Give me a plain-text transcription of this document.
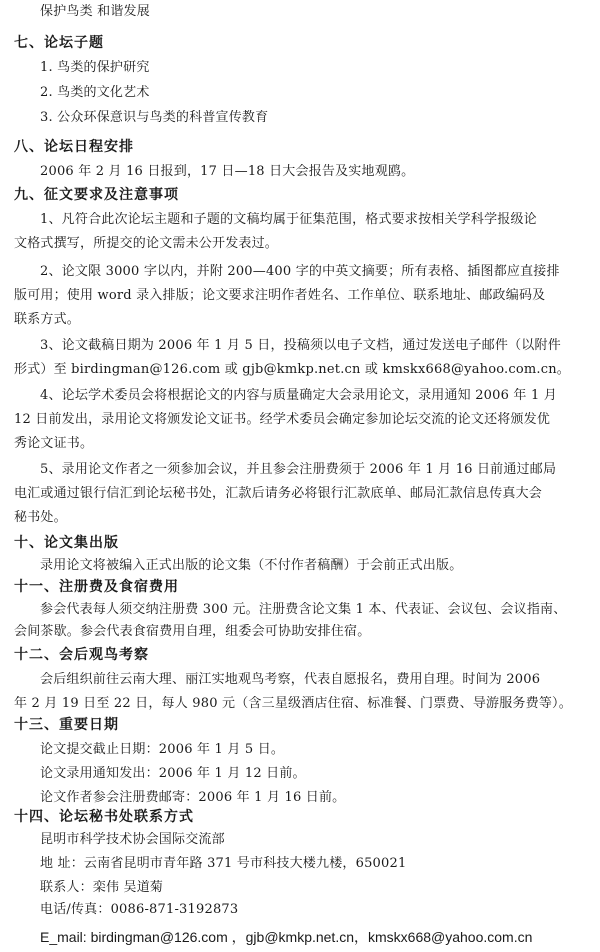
保护鸟类 和谐发展
七、论坛子题
1. 鸟类的保护研究
2. 鸟类的文化艺术
3. 公众环保意识与鸟类的科普宣传教育
八、论坛日程安排
2006 年 2 月 16 日报到，17 日—18 日大会报告及实地观鸥。
九、征文要求及注意事项
1、凡符合此次论坛主题和子题的文稿均属于征集范围，格式要求按相关学科学报级论
文格式撰写，所提交的论文需未公开发表过。
2、论文限 3000 字以内，并附 200—400 字的中英文摘要；所有表格、插图都应直接排
版可用；使用 word 录入排版；论文要求注明作者姓名、工作单位、联系地址、邮政编码及
联系方式。
3、论文截稿日期为 2006 年 1 月 5 日，投稿须以电子文档，通过发送电子邮件（以附件
形式）至 birdingman@126.com 或 gjb@kmkp.net.cn 或 kmskx668@yahoo.com.cn。
4、论坛学术委员会将根据论文的内容与质量确定大会录用论文，录用通知 2006 年 1 月
12 日前发出，录用论文将颁发论文证书。经学术委员会确定参加论坛交流的论文还将颁发优
秀论文证书。
5、录用论文作者之一须参加会议，并且参会注册费须于 2006 年 1 月 16 日前通过邮局
电汇或通过银行信汇到论坛秘书处，汇款后请务必将银行汇款底单、邮局汇款信息传真大会
秘书处。
十、论文集出版
录用论文将被编入正式出版的论文集（不付作者稿酬）于会前正式出版。
十一、注册费及食宿费用
参会代表每人须交纳注册费 300 元。注册费含论文集 1 本、代表证、会议包、会议指南、
会间茶歇。参会代表食宿费用自理，组委会可协助安排住宿。
十二、会后观鸟考察
会后组织前往云南大理、丽江实地观鸟考察，代表自愿报名，费用自理。时间为 2006
年 2 月 19 日至 22 日，每人 980 元（含三星级酒店住宿、标准餐、门票费、导游服务费等）。
十三、重要日期
论文提交截止日期：2006 年 1 月 5 日。
论文录用通知发出：2006 年 1 月 12 日前。
论文作者参会注册费邮寄：2006 年 1 月 16 日前。
十四、论坛秘书处联系方式
昆明市科学技术协会国际交流部
地 址：云南省昆明市青年路 371 号市科技大楼九楼，650021
联系人：栾伟 吴道菊
电话/传真：0086-871-3192873
E_mail: birdingman@126.com ，gjb@kmkp.net.cn，kmskx668@yahoo.com.cn
